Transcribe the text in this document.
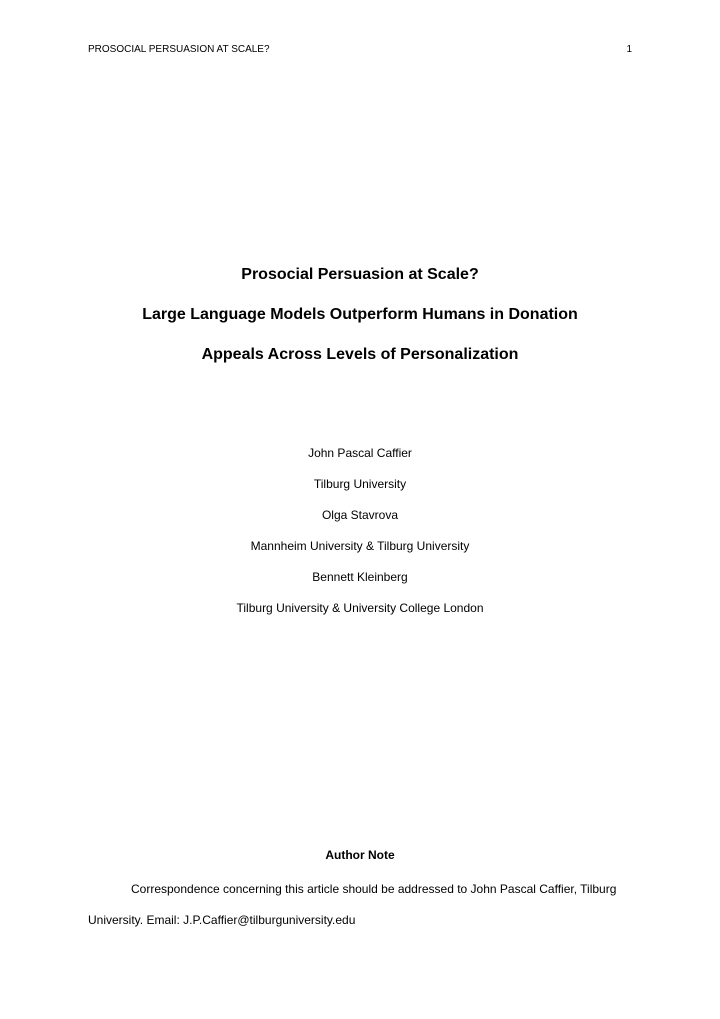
PROSOCIAL PERSUASION AT SCALE?	1
Prosocial Persuasion at Scale?
Large Language Models Outperform Humans in Donation
Appeals Across Levels of Personalization
John Pascal Caffier
Tilburg University
Olga Stavrova
Mannheim University & Tilburg University
Bennett Kleinberg
Tilburg University & University College London
Author Note
Correspondence concerning this article should be addressed to John Pascal Caffier, Tilburg University. Email: J.P.Caffier@tilburguniversity.edu
